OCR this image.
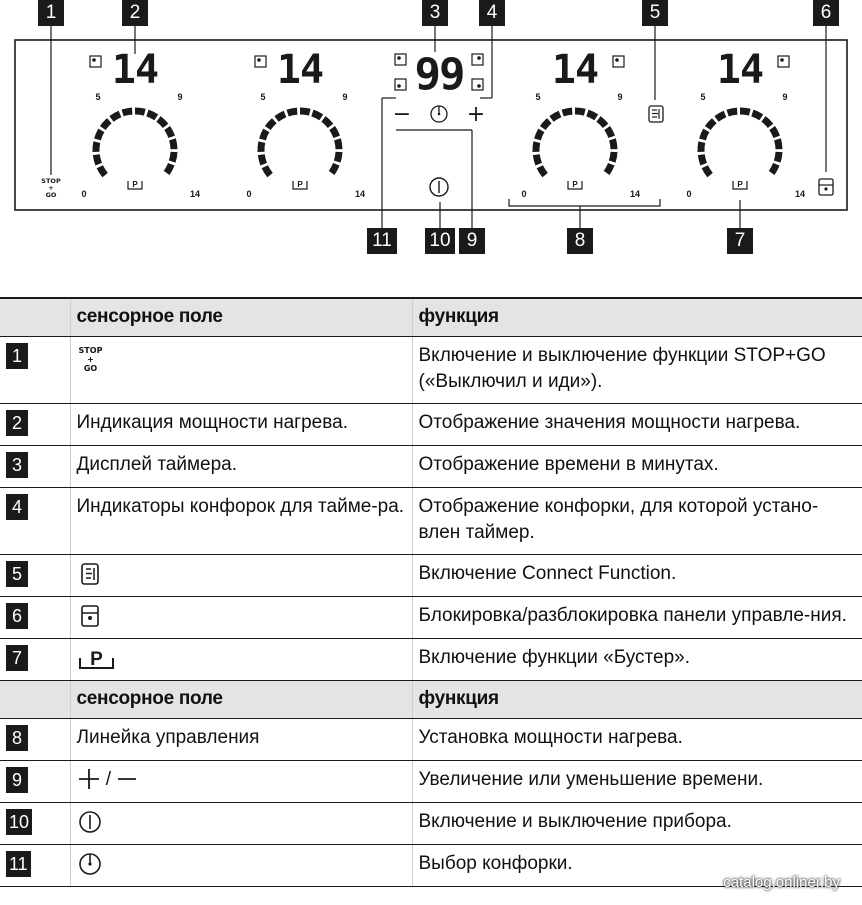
STOP
+
GO
14
0
5	9
14
P
14
0
5	9
14
P
14
0
5	9
14
P
14
0
5	9
14
P
99
−	+
1	2	3	4	5	6
11 10 9	8	7
	сенсорное поле	функция
1	STOP
+
GO	Включение и выключение функции STOP+GO («Выключил и иди»).
2	Индикация мощности нагрева.	Отображение значения мощности нагрева.
3	Дисплей таймера.	Отображение времени в минутах.
4	Индикаторы конфорок для тайме-ра.	Отображение конфорки, для которой устано-влен таймер.
5		Включение Connect Function.
6		Блокировка/разблокировка панели управле-ния.
7	P	Включение функции «Бустер».
	сенсорное поле	функция
8	Линейка управления	Установка мощности нагрева.
9	/	Увеличение или уменьшение времени.
10		Включение и выключение прибора.
11		Выбор конфорки.
catalog.onliner.by
